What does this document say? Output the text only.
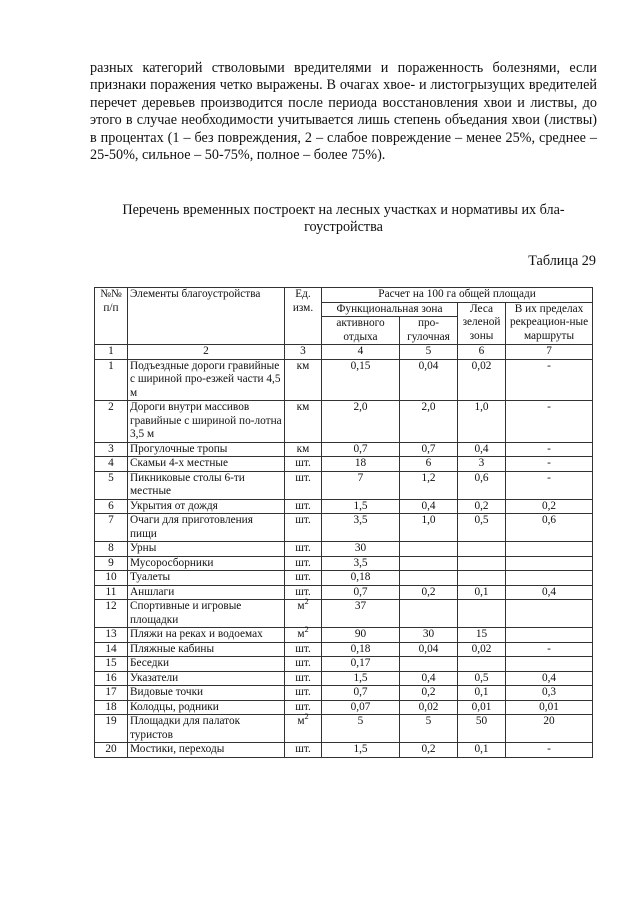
разных категорий стволовыми вредителями и пораженность болезнями, если признаки поражения четко выражены. В очагах хвое- и листогрызущих вредителей перечет деревьев производится после периода восстановления хвои и листвы, до этого в случае необходимости учитывается лишь степень объедания хвои (листвы) в процентах (1 – без повреждения, 2 – слабое повреждение – менее 25%, среднее – 25-50%, сильное – 50-75%, полное – более 75%).

Перечень временных построект на лесных участках и нормативы их бла-гоустройства

Таблица 29

№№ п/п	Элементы благоустройства	Ед. изм.	Расчет на 100 га общей площади			
			Функциональная зона		Леса зеленой зоны	В их пределах рекреацион-ные маршруты
			активного отдыха	про-гулочная		
1	2	3	4	5	6	7
1	Подъездные дороги гравийные с шириной про-езжей части 4,5 м	км	0,15	0,04	0,02	-
2	Дороги внутри массивов гравийные с шириной по-лотна 3,5 м	км	2,0	2,0	1,0	-
3	Прогулочные тропы	км	0,7	0,7	0,4	-
4	Скамьи 4-х местные	шт.	18	6	3	-
5	Пикниковые столы 6-ти местные	шт.	7	1,2	0,6	-
6	Укрытия от дождя	шт.	1,5	0,4	0,2	0,2
7	Очаги для приготовления пищи	шт.	3,5	1,0	0,5	0,6
8	Урны	шт.	30			
9	Мусоросборники	шт.	3,5			
10	Туалеты	шт.	0,18			
11	Аншлаги	шт.	0,7	0,2	0,1	0,4
12	Спортивные и игровые площадки	$м^2$	37			
13	Пляжи на реках и водоемах	$м^2$	90	30	15	
14	Пляжные кабины	шт.	0,18	0,04	0,02	-
15	Беседки	шт.	0,17			
16	Указатели	шт.	1,5	0,4	0,5	0,4
17	Видовые точки	шт.	0,7	0,2	0,1	0,3
18	Колодцы, родники	шт.	0,07	0,02	0,01	0,01
19	Площадки для палаток туристов	$м^2$	5	5	50	20
20	Мостики, переходы	шт.	1,5	0,2	0,1	-
